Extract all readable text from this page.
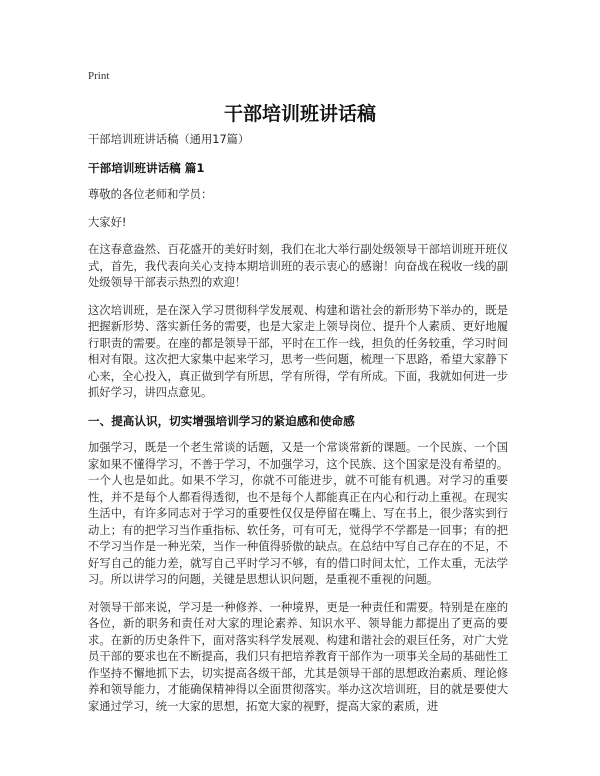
Print
干部培训班讲话稿

干部培训班讲话稿（通用17篇）

干部培训班讲话稿 篇1

尊敬的各位老师和学员：

大家好!

在这春意盎然、百花盛开的美好时刻，我们在北大举行副处级领导干部培训班开班仪式，首先，我代表向关心支持本期培训班的表示衷心的感谢！向奋战在税收一线的副处级领导干部表示热烈的欢迎！

这次培训班，是在深入学习贯彻科学发展观、构建和谐社会的新形势下举办的，既是把握新形势、落实新任务的需要，也是大家走上领导岗位、提升个人素质、更好地履行职责的需要。在座的都是领导干部，平时在工作一线，担负的任务较重，学习时间相对有限。这次把大家集中起来学习，思考一些问题，梳理一下思路，希望大家静下心来，全心投入，真正做到学有所思，学有所得，学有所成。下面，我就如何进一步抓好学习，讲四点意见。

一、提高认识，切实增强培训学习的紧迫感和使命感

加强学习，既是一个老生常谈的话题，又是一个常谈常新的课题。一个民族、一个国家如果不懂得学习，不善于学习，不加强学习，这个民族、这个国家是没有希望的。一个人也是如此。如果不学习，你就不可能进步，就不可能有机遇。对学习的重要性，并不是每个人都看得透彻，也不是每个人都能真正在内心和行动上重视。在现实生活中，有许多同志对于学习的重要性仅仅是停留在嘴上、写在书上，很少落实到行动上；有的把学习当作重指标、软任务，可有可无，觉得学不学都是一回事；有的把不学习当作是一种光荣，当作一种值得骄傲的缺点。在总结中写自己存在的不足，不好写自己的能力差，就写自己平时学习不够，有的借口时间太忙，工作太重，无法学习。所以讲学习的问题，关键是思想认识问题，是重视不重视的问题。

对领导干部来说，学习是一种修养、一种境界，更是一种责任和需要。特别是在座的各位，新的职务和责任对大家的理论素养、知识水平、领导能力都提出了更高的要求。在新的历史条件下，面对落实科学发展观、构建和谐社会的艰巨任务，对广大党员干部的要求也在不断提高，我们只有把培养教育干部作为一项事关全局的基础性工作坚持不懈地抓下去，切实提高各级干部，尤其是领导干部的思想政治素质、理论修养和领导能力，才能确保精神得以全面贯彻落实。举办这次培训班，目的就是要使大家通过学习，统一大家的思想，拓宽大家的视野，提高大家的素质，进
